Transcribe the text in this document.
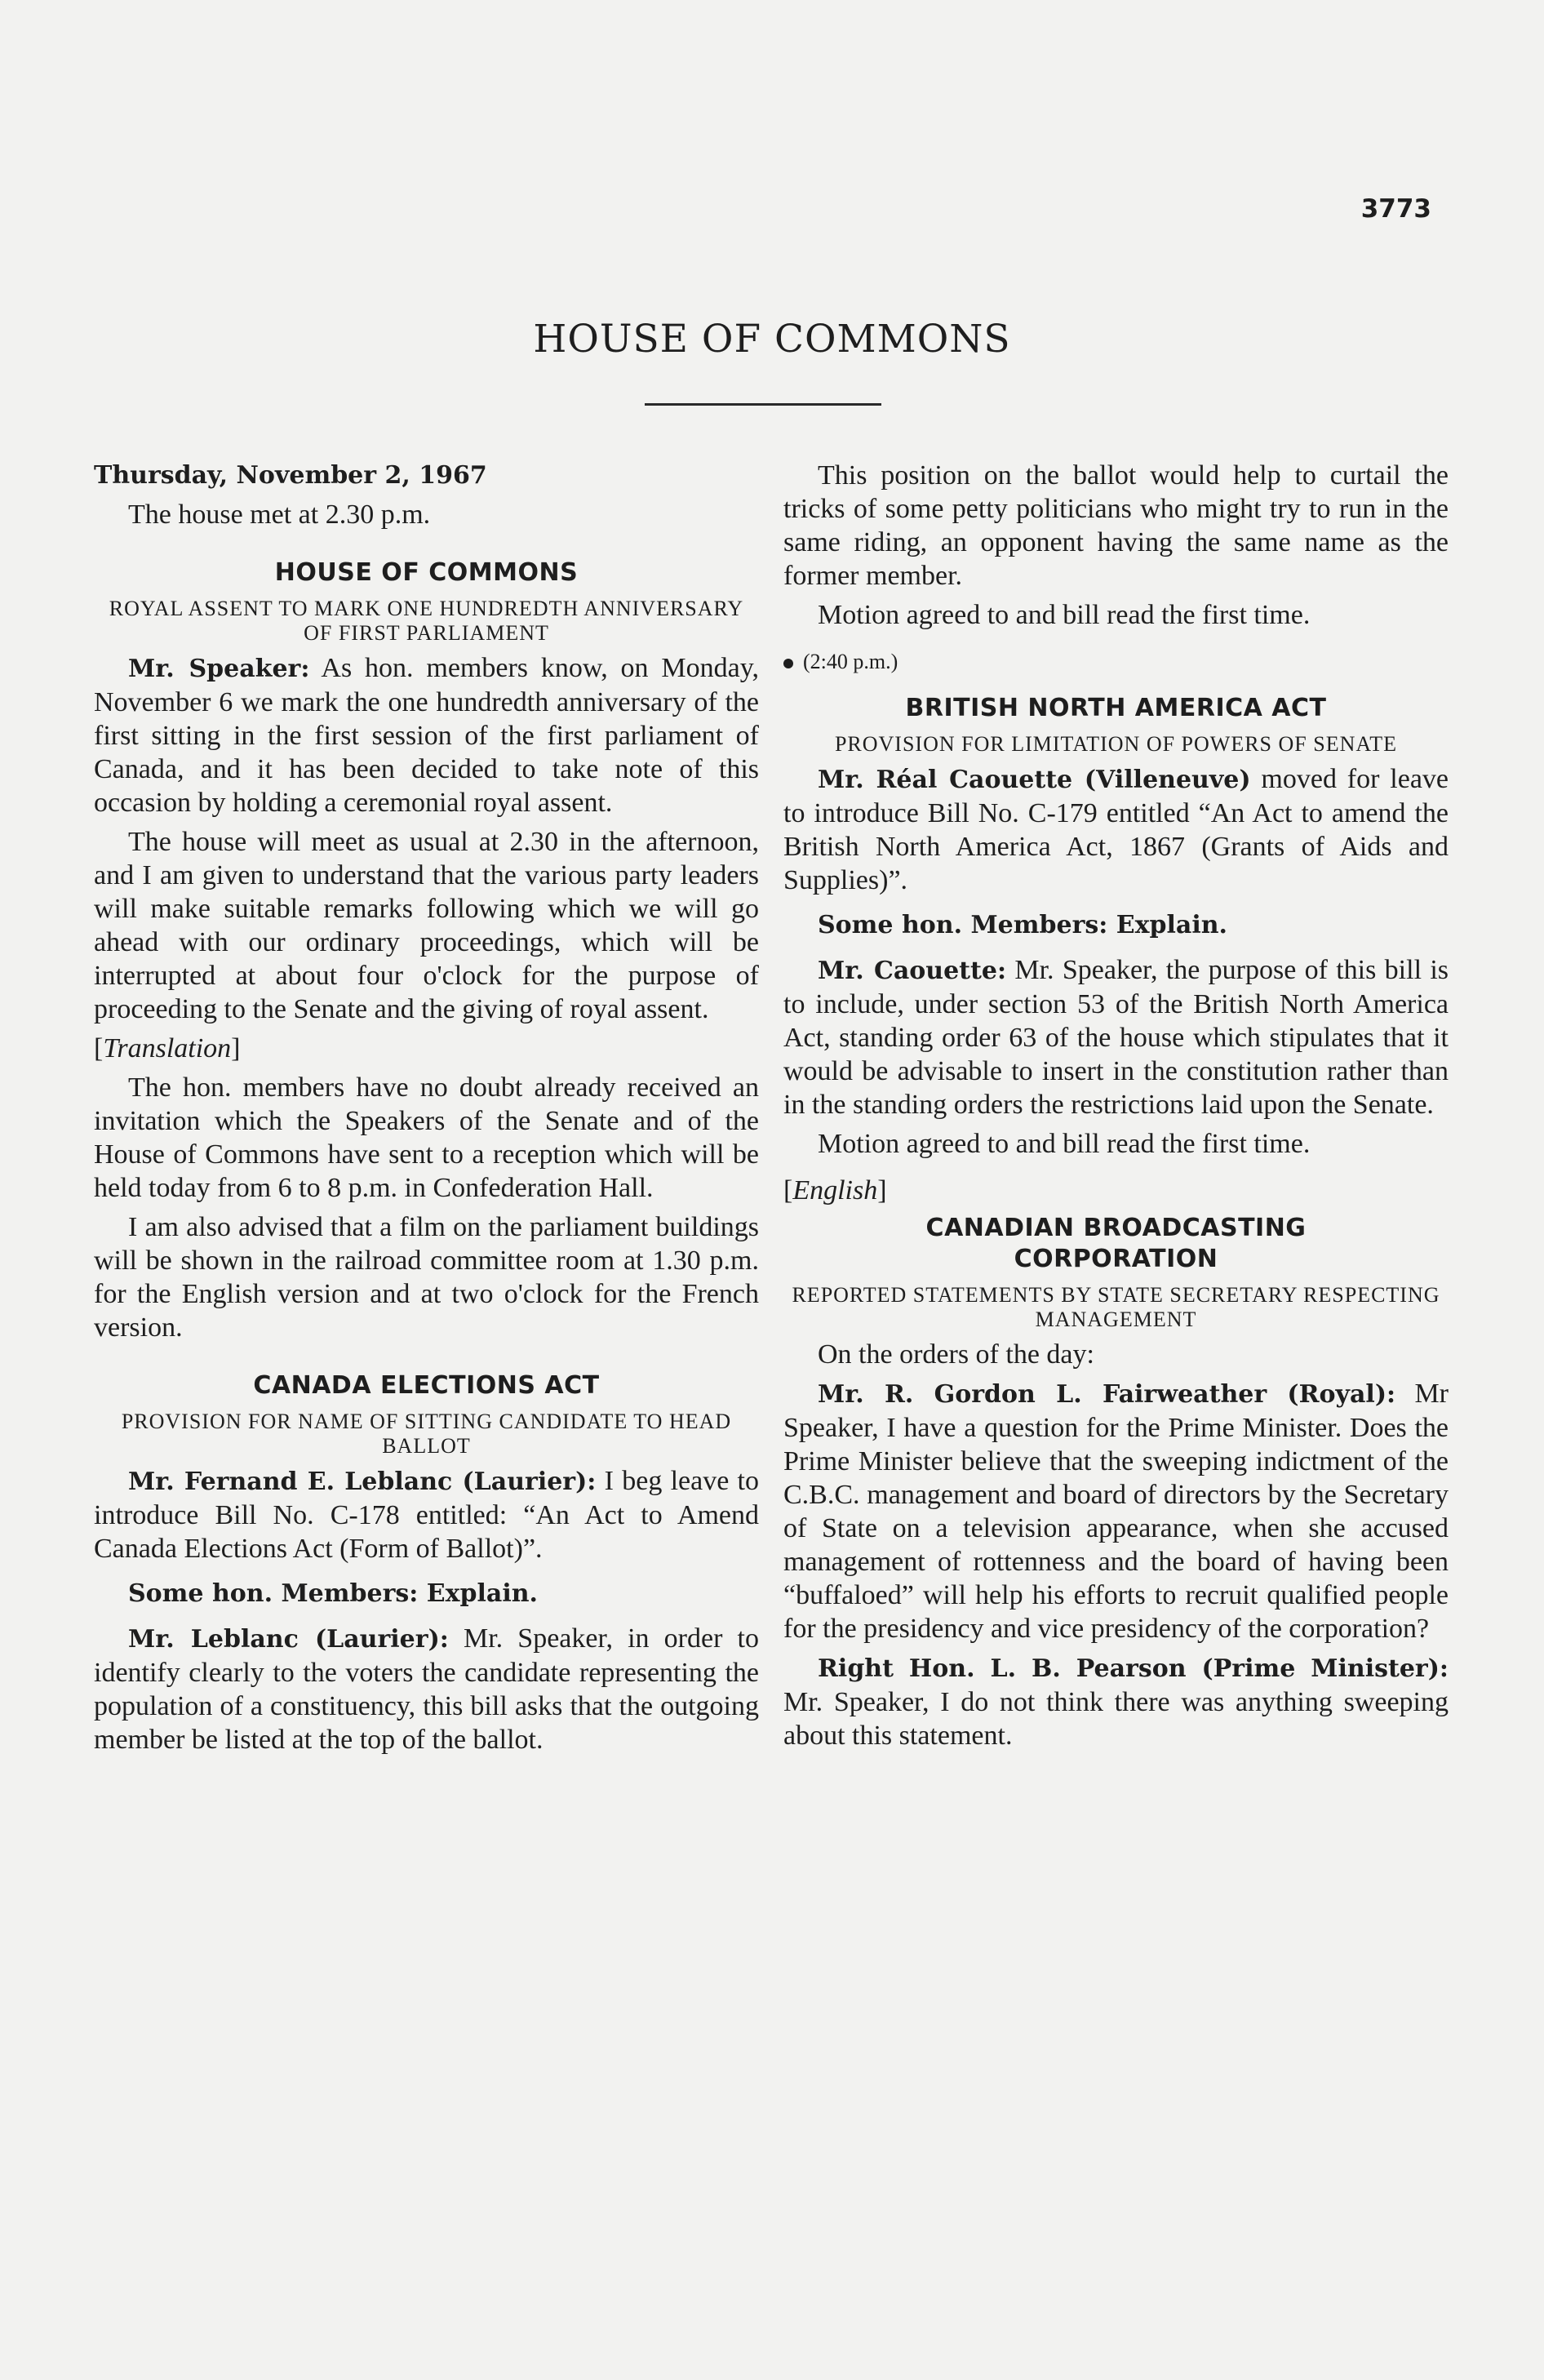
3773

HOUSE OF COMMONS

Thursday, November 2, 1967

The house met at 2.30 p.m.

HOUSE OF COMMONS

ROYAL ASSENT TO MARK ONE HUNDREDTH ANNIVERSARY OF FIRST PARLIAMENT

Mr. Speaker: As hon. members know, on Monday, November 6 we mark the one hundredth anniversary of the first sitting in the first session of the first parliament of Canada, and it has been decided to take note of this occasion by holding a ceremonial royal assent.

The house will meet as usual at 2.30 in the afternoon, and I am given to understand that the various party leaders will make suitable remarks following which we will go ahead with our ordinary proceedings, which will be interrupted at about four o'clock for the purpose of proceeding to the Senate and the giving of royal assent.

[Translation]

The hon. members have no doubt already received an invitation which the Speakers of the Senate and of the House of Commons have sent to a reception which will be held today from 6 to 8 p.m. in Confederation Hall.

I am also advised that a film on the parliament buildings will be shown in the railroad committee room at 1.30 p.m. for the English version and at two o'clock for the French version.

CANADA ELECTIONS ACT

PROVISION FOR NAME OF SITTING CANDIDATE TO HEAD BALLOT

Mr. Fernand E. Leblanc (Laurier): I beg leave to introduce Bill No. C-178 entitled: “An Act to Amend Canada Elections Act (Form of Ballot)”.

Some hon. Members: Explain.

Mr. Leblanc (Laurier): Mr. Speaker, in order to identify clearly to the voters the candidate representing the population of a constituency, this bill asks that the outgoing member be listed at the top of the ballot.

This position on the ballot would help to curtail the tricks of some petty politicians who might try to run in the same riding, an opponent having the same name as the former member.

Motion agreed to and bill read the first time.

(2:40 p.m.)

BRITISH NORTH AMERICA ACT

PROVISION FOR LIMITATION OF POWERS OF SENATE

Mr. Réal Caouette (Villeneuve) moved for leave to introduce Bill No. C-179 entitled “An Act to amend the British North America Act, 1867 (Grants of Aids and Supplies)”.

Some hon. Members: Explain.

Mr. Caouette: Mr. Speaker, the purpose of this bill is to include, under section 53 of the British North America Act, standing order 63 of the house which stipulates that it would be advisable to insert in the constitution rather than in the standing orders the restrictions laid upon the Senate.

Motion agreed to and bill read the first time.

[English]

CANADIAN BROADCASTING CORPORATION

REPORTED STATEMENTS BY STATE SECRETARY RESPECTING MANAGEMENT

On the orders of the day:

Mr. R. Gordon L. Fairweather (Royal): Mr Speaker, I have a question for the Prime Minister. Does the Prime Minister believe that the sweeping indictment of the C.B.C. management and board of directors by the Secretary of State on a television appearance, when she accused management of rottenness and the board of having been “buffaloed” will help his efforts to recruit qualified people for the presidency and vice presidency of the corporation?

Right Hon. L. B. Pearson (Prime Minister): Mr. Speaker, I do not think there was anything sweeping about this statement.
